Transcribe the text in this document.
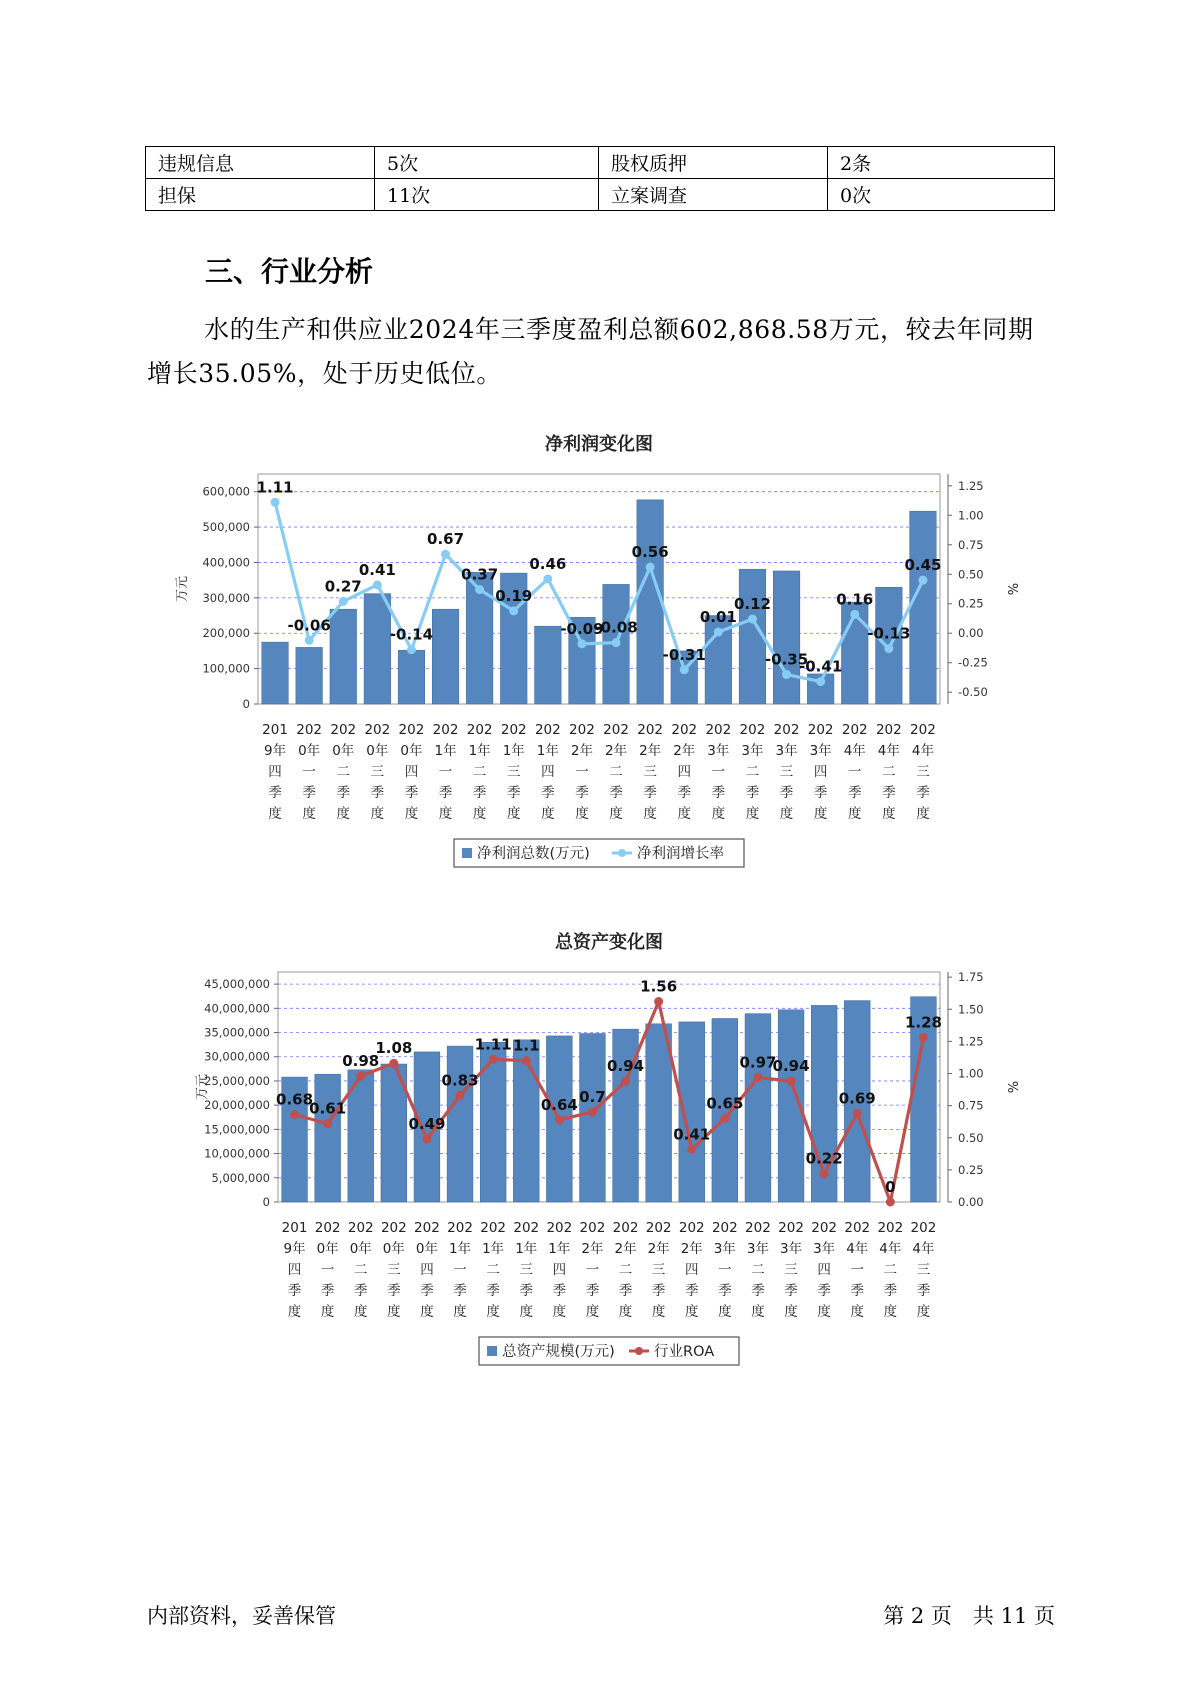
违规信息	5次	股权质押	2条
担保	11次	立案调查	0次
三、行业分析

水的生产和供应业2024年三季度盈利总额602,868.58万元，较去年同期增长35.05%，处于历史低位。

净利润变化图
0
100,000
200,000
300,000
400,000
500,000
600,000
-0.50
-0.25
0.00
0.25
0.50
0.75
1.00
1.25
万元	%
1.11
-0.06
0.27
0.41
-0.14
0.67
0.37
0.19
0.46
-0.09
-0.08
0.56
-0.31
0.01
0.12
-0.35
-0.41
0.16
-0.13
0.45
201 9年四季度
202 0年一季度
202 0年二季度
202 0年三季度
202 0年四季度
202 1年一季度
202 1年二季度
202 1年三季度
202 1年四季度
202 2年一季度
202 2年二季度
202 2年三季度
202 2年四季度
202 3年一季度
202 3年二季度
202 3年三季度
202 3年四季度
202 4年一季度
202 4年二季度
202 4年三季度
净利润总数(万元)	净利润增长率
总资产变化图
0
5,000,000
10,000,000
15,000,000
20,000,000
25,000,000
30,000,000
35,000,000
40,000,000
45,000,000
0.00
0.25
0.50
0.75
1.00
1.25
1.50
1.75
万元	%
0.68
0.61
0.98
1.08
0.49
0.83
1.11 1.1
0.64 0.7
0.94
1.56
0.41
0.65
0.97
0.94
0.22
0.69
0
1.28
201 9年四季度
202 0年一季度
202 0年二季度
202 0年三季度
202 0年四季度
202 1年一季度
202 1年二季度
202 1年三季度
202 1年四季度
202 2年一季度
202 2年二季度
202 2年三季度
202 2年四季度
202 3年一季度
202 3年二季度
202 3年三季度
202 3年四季度
202 4年一季度
202 4年二季度
202 4年三季度
总资产规模(万元)	行业ROA
内部资料，妥善保管	第 2 页　共 11 页
